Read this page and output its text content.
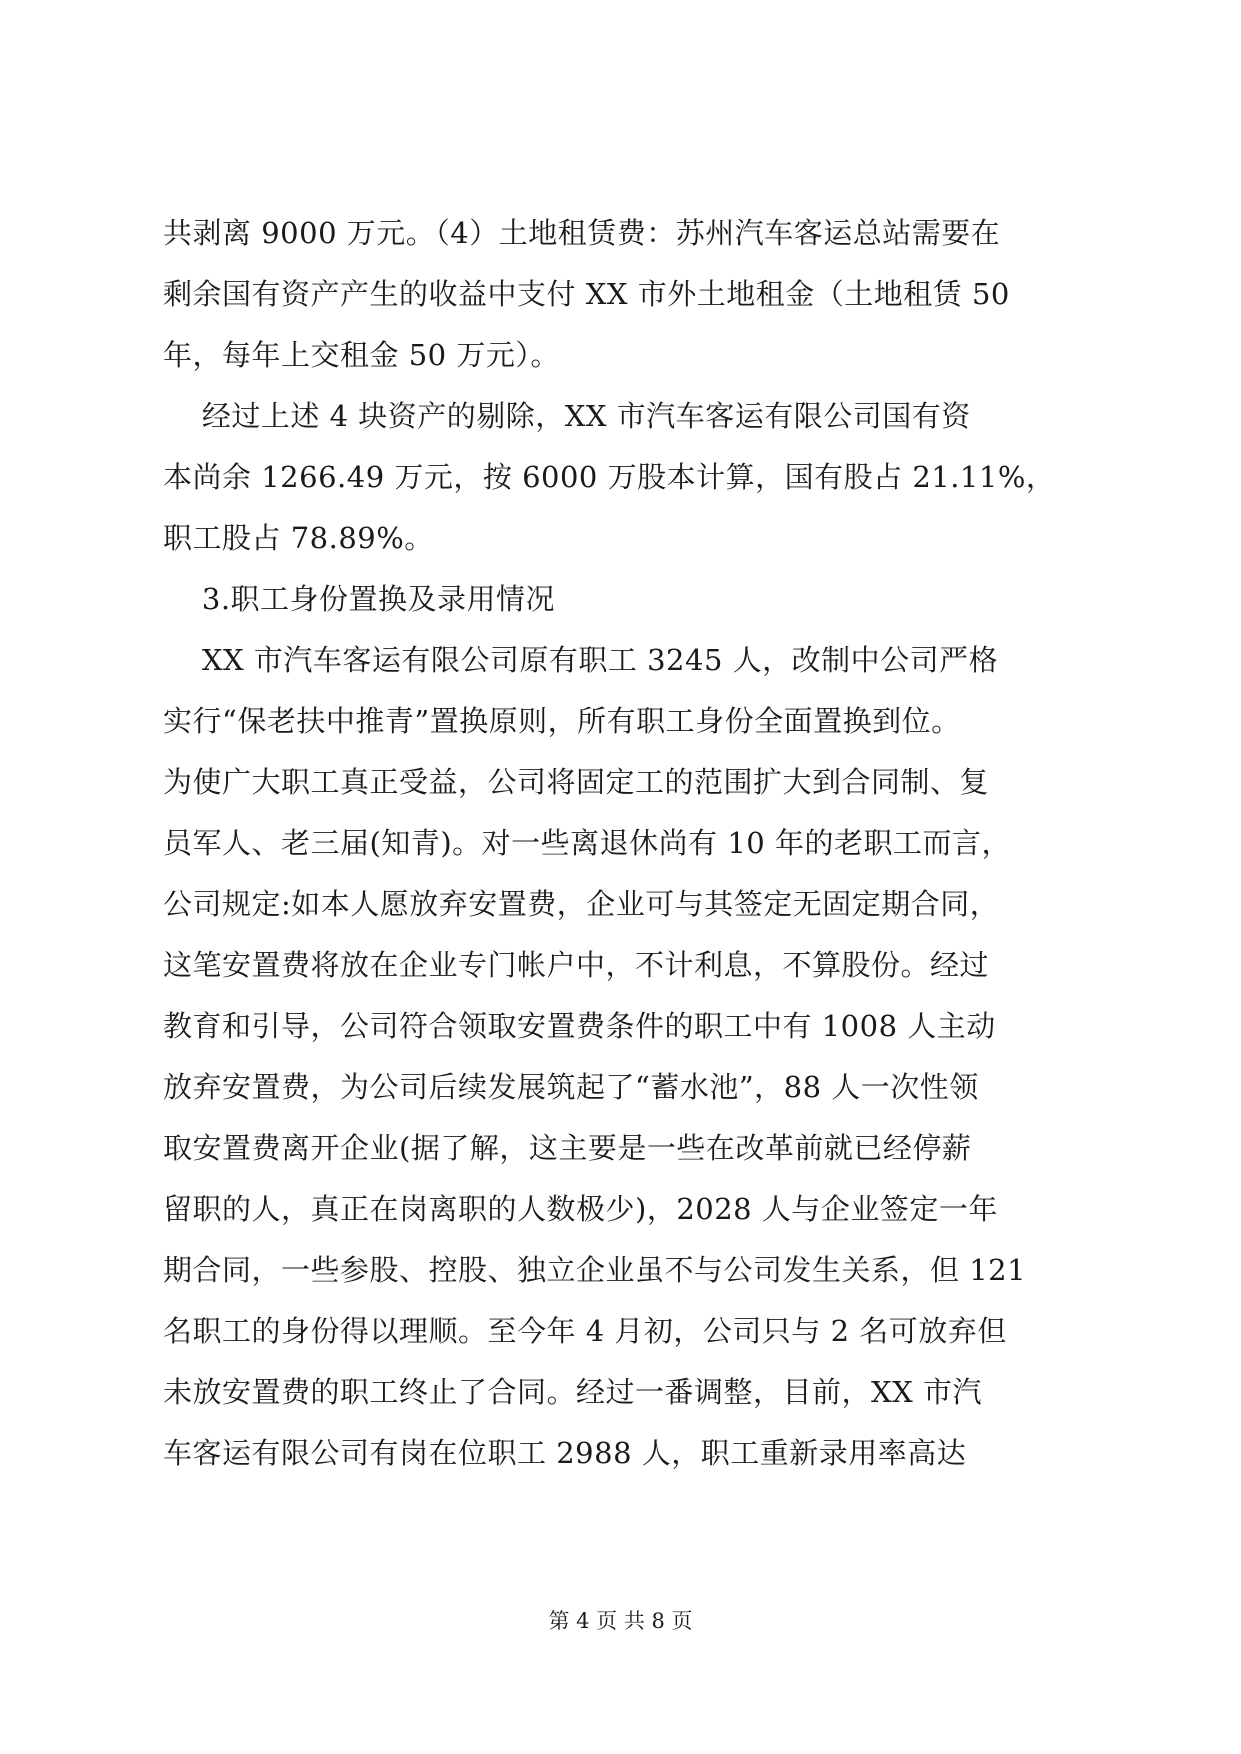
共剥离 9000 万元。（4）土地租赁费：苏州汽车客运总站需要在
剩余国有资产产生的收益中支付 XX 市外土地租金（土地租赁 50
年，每年上交租金 50 万元）。
经过上述 4 块资产的剔除，XX 市汽车客运有限公司国有资
本尚余 1266.49 万元，按 6000 万股本计算，国有股占 21.11%，
职工股占 78.89%。
3.职工身份置换及录用情况
XX 市汽车客运有限公司原有职工 3245 人，改制中公司严格
实行“保老扶中推青”置换原则，所有职工身份全面置换到位。
为使广大职工真正受益，公司将固定工的范围扩大到合同制、复
员军人、老三届(知青)。对一些离退休尚有 10 年的老职工而言，
公司规定:如本人愿放弃安置费，企业可与其签定无固定期合同，
这笔安置费将放在企业专门帐户中，不计利息，不算股份。经过
教育和引导，公司符合领取安置费条件的职工中有 1008 人主动
放弃安置费，为公司后续发展筑起了“蓄水池”，88 人一次性领
取安置费离开企业(据了解，这主要是一些在改革前就已经停薪
留职的人，真正在岗离职的人数极少)，2028 人与企业签定一年
期合同，一些参股、控股、独立企业虽不与公司发生关系，但 121
名职工的身份得以理顺。至今年 4 月初，公司只与 2 名可放弃但
未放安置费的职工终止了合同。经过一番调整，目前，XX 市汽
车客运有限公司有岗在位职工 2988 人，职工重新录用率高达
第 4 页 共 8 页
